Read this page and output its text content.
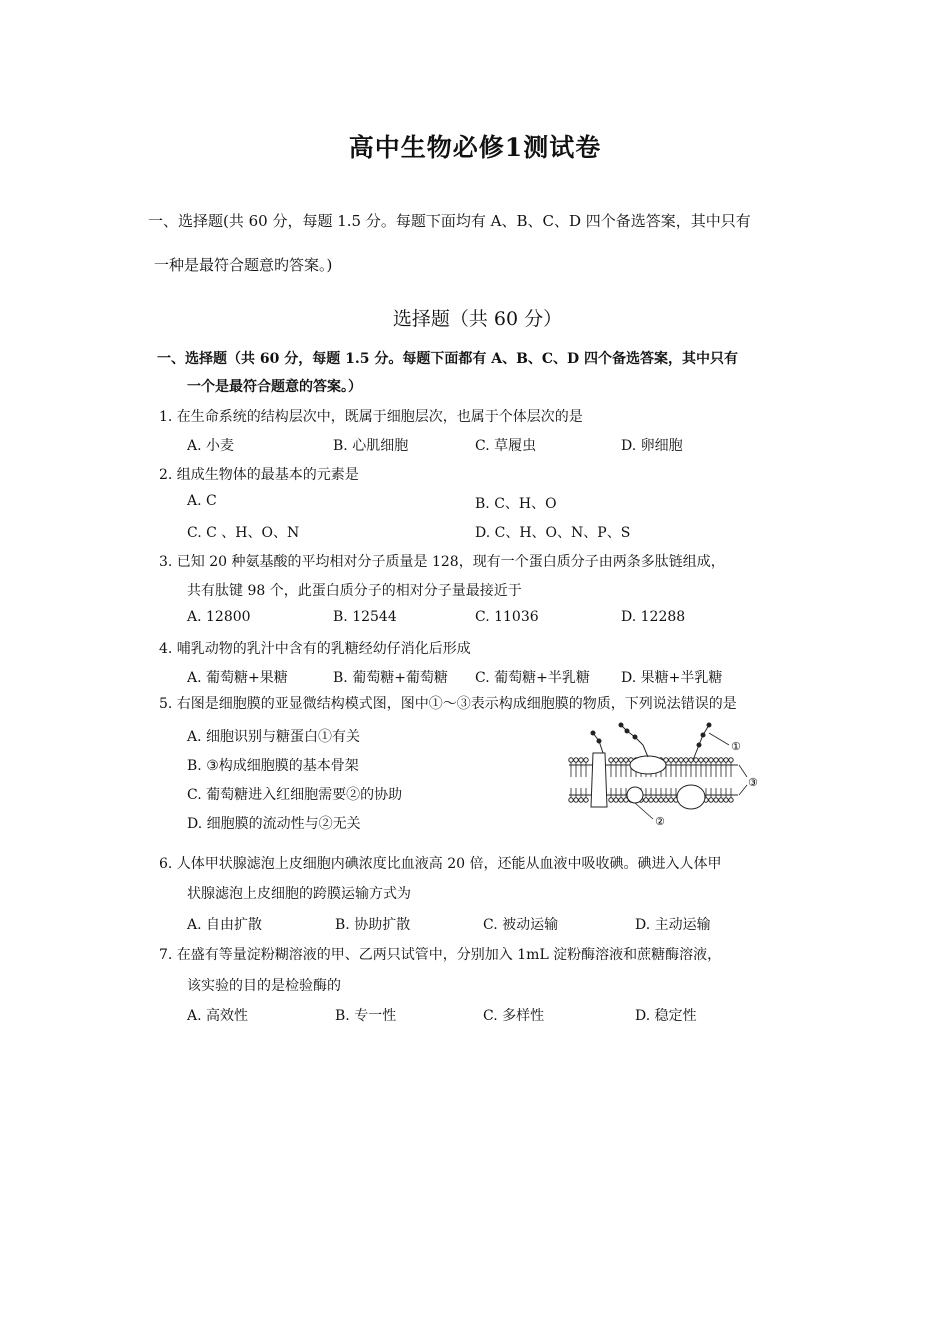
高中生物必修1测试卷
一、选择题(共 60 分，每题 1.5 分。每题下面均有 A、B、C、D 四个备选答案，其中只有
一种是最符合题意旳答案。)
选择题（共 60 分）
一、选择题（共 60 分，每题 1.5 分。每题下面都有 A、B、C、D 四个备选答案，其中只有
一个是最符合题意的答案。）
1. 在生命系统的结构层次中，既属于细胞层次，也属于个体层次的是
A. 小麦	B. 心肌细胞	C. 草履虫	D. 卵细胞
2. 组成生物体的最基本的元素是
A. C	B. C、H、O
C. C 、H、O、N	D. C、H、O、N、P、S
3. 已知 20 种氨基酸的平均相对分子质量是 128，现有一个蛋白质分子由两条多肽链组成，
共有肽键 98 个，此蛋白质分子的相对分子量最接近于
A. 12800	B. 12544	C. 11036	D. 12288
4. 哺乳动物的乳汁中含有的乳糖经幼仔消化后形成
A. 葡萄糖+果糖	B. 葡萄糖+葡萄糖 C. 葡萄糖+半乳糖 D. 果糖+半乳糖
5. 右图是细胞膜的亚显微结构模式图，图中①～③表示构成细胞膜的物质，下列说法错误的是
A. 细胞识别与糖蛋白①有关
B. ③构成细胞膜的基本骨架
C. 葡萄糖进入红细胞需要②的协助
D. 细胞膜的流动性与②无关
①
③
②
6. 人体甲状腺滤泡上皮细胞内碘浓度比血液高 20 倍，还能从血液中吸收碘。碘进入人体甲
状腺滤泡上皮细胞的跨膜运输方式为
A. 自由扩散	B. 协助扩散	C. 被动运输	D. 主动运输
7. 在盛有等量淀粉糊溶液的甲、乙两只试管中，分别加入 1mL 淀粉酶溶液和蔗糖酶溶液，
该实验的目的是检验酶的
A. 高效性	B. 专一性	C. 多样性	D. 稳定性
